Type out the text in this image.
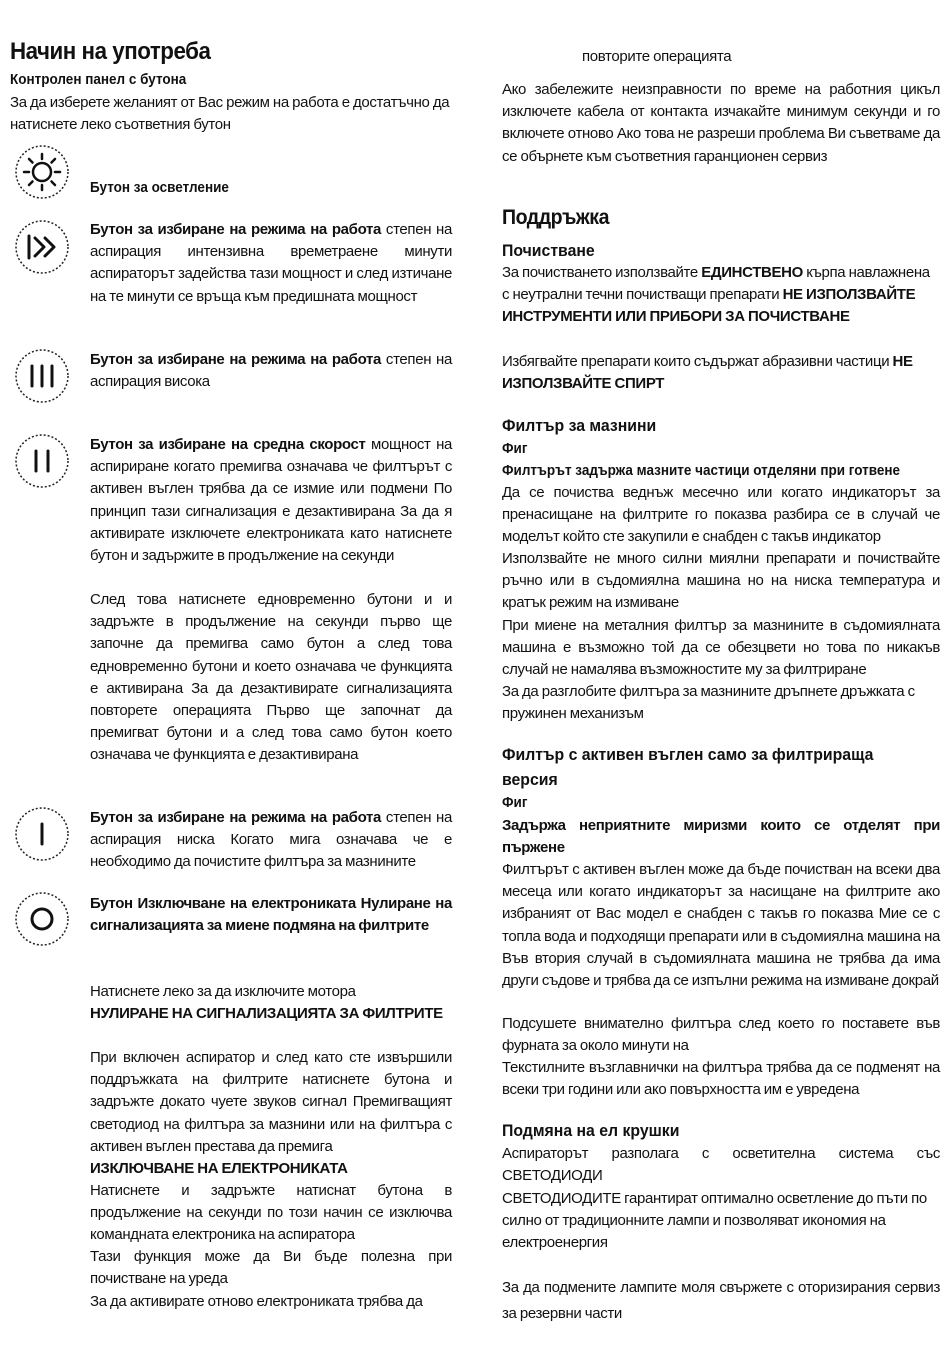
Начин на употреба
Контролен панел с бутона
За да изберете желаният от Вас режим на работа е достатъчно да натиснете леко съответния бутон
Бутон за осветление
Бутон за избиране на режима на работа степен на аспирация интензивна времетраене минути аспираторът задейства тази мощност и след изтичане на те минути се връща към предишната мощност
Бутон за избиране на режима на работа степен на аспирация висока
Бутон за избиране на средна скорост мощност на аспириране когато премигва означава че филтърът с активен въглен трябва да се измие или подмени По принцип тази сигнализация е дезактивирана За да я активирате изключете електрониката като натиснете бутон и задържите в продължение на секунди
След това натиснете едновременно бутони и и задръжте в продължение на секунди първо ще започне да премигва само бутон а след това едновременно бутони и което означава че функцията е активирана За да дезактивирате сигнализацията повторете операцията Първо ще започнат да премигват бутони и а след това само бутон което означава че функцията е дезактивирана
Бутон за избиране на режима на работа степен на аспирация ниска Когато мига означава че е необходимо да почистите филтъра за мазнините
Бутон Изключване на електрониката Нулиране на сигнализацията за миене подмяна на филтрите
Натиснете леко за да изключите мотора
НУЛИРАНЕ НА СИГНАЛИЗАЦИЯТА ЗА ФИЛТРИТЕ
При включен аспиратор и след като сте извършили поддръжката на филтрите натиснете бутона и задръжте докато чуете звуков сигнал Премигващият светодиод на филтъра за мазнини или на филтъра с активен въглен престава да премига
ИЗКЛЮЧВАНЕ НА ЕЛЕКТРОНИКАТА
Натиснете и задръжте натиснат бутона в продължение на секунди по този начин се изключва командната електроника на аспиратора
Тази функция може да Ви бъде полезна при почистване на уреда
За да активирате отново електрониката трябва да
повторите операцията
Ако забележите неизправности по време на работния цикъл изключете кабела от контакта изчакайте минимум секунди и го включете отново Ако това не разреши проблема Ви съветваме да се обърнете към съответния гаранционен сервиз
Поддръжка
Почистване
За почистването използвайте ЕДИНСТВЕНО кърпа навлажнена с неутрални течни почистващи препарати НЕ ИЗПОЛЗВАЙТЕ ИНСТРУМЕНТИ ИЛИ ПРИБОРИ ЗА ПОЧИСТВАНЕ
Избягвайте препарати които съдържат абразивни частици НЕ ИЗПОЛЗВАЙТЕ СПИРТ
Филтър за мазнини
Фиг
Филтърът задържа мазните частици отделяни при готвене
Да се почиства веднъж месечно или когато индикаторът за пренасищане на филтрите го показва разбира се в случай че моделът който сте закупили е снабден с такъв индикатор
Използвайте не много силни миялни препарати и почиствайте ръчно или в съдомиялна машина но на ниска температура и кратък режим на измиване
При миене на металния филтър за мазнините в съдомиялната машина е възможно той да се обезцвети но това по никакъв случай не намалява възможностите му за филтриране
За да разглобите филтъра за мазнините дръпнете дръжката с пружинен механизъм
Филтър с активен въглен само за филтрираща
версия
Фиг
Задържа неприятните миризми които се отделят при пържене
Филтърът с активен въглен може да бъде почистван на всеки два месеца или когато индикаторът за насищане на филтрите ако избраният от Вас модел е снабден с такъв го показва Мие се с топла вода и подходящи препарати или в съдомиялна машина на Във втория случай в съдомиялната машина не трябва да има други съдове и трябва да се изпълни режима на измиване докрай
Подсушете внимателно филтъра след което го поставете във фурната за около минути на
Текстилните възглавнички на филтъра трябва да се подменят на всеки три години или ако повърхността им е увредена
Подмяна на ел крушки
Аспираторът разполага с осветителна система със СВЕТОДИОДИ
СВЕТОДИОДИТЕ гарантират оптимално осветление до пъти по силно от традиционните лампи и позволяват икономия на електроенергия
За да подмените лампите моля свържете с оторизирания сервиз за резервни части
